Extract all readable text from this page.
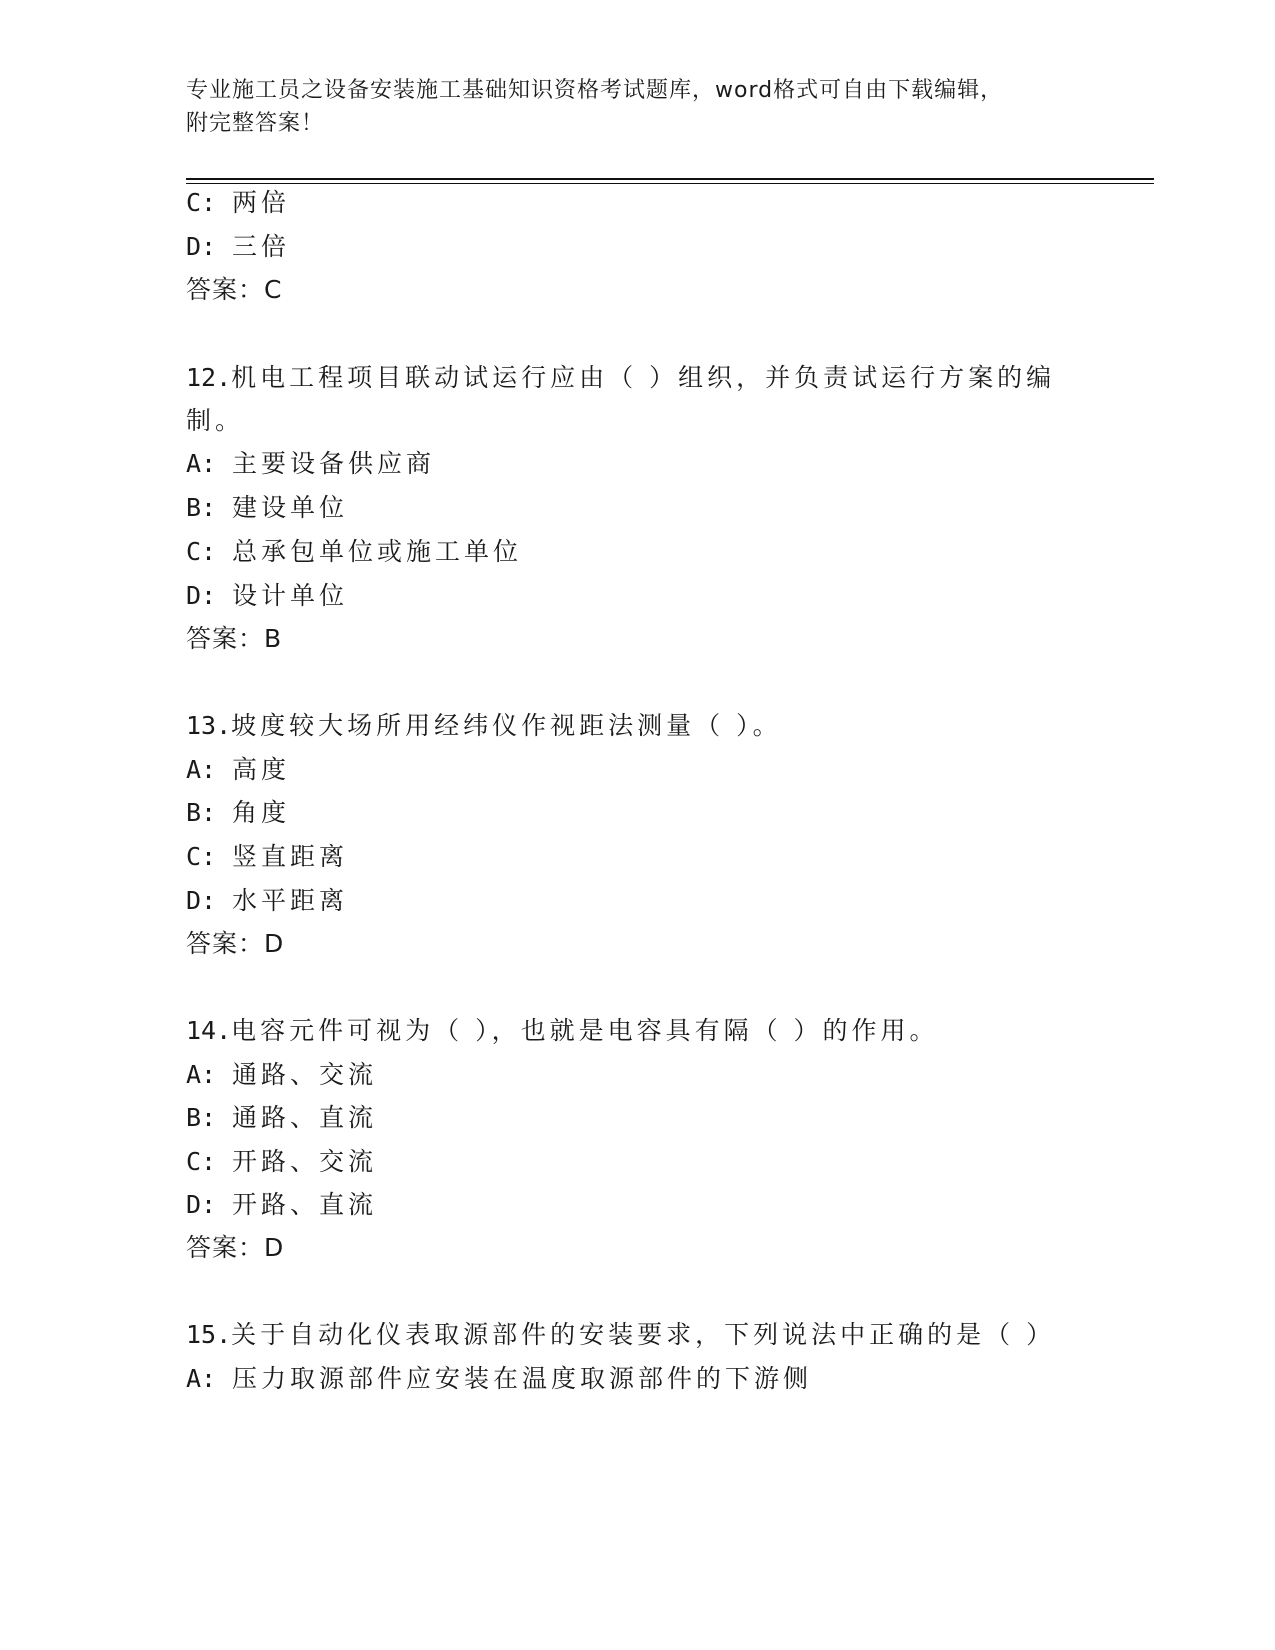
专业施工员之设备安装施工基础知识资格考试题库，word格式可自由下载编辑，
附完整答案！
C: 两倍
D: 三倍
答案：C
12.机电工程项目联动试运行应由（ ）组织，并负责试运行方案的编
制。
A: 主要设备供应商
B: 建设单位
C: 总承包单位或施工单位
D: 设计单位
答案：B
13.坡度较大场所用经纬仪作视距法测量（ ）。
A: 高度
B: 角度
C: 竖直距离
D: 水平距离
答案：D
14.电容元件可视为（ ），也就是电容具有隔（ ）的作用。
A: 通路、交流
B: 通路、直流
C: 开路、交流
D: 开路、直流
答案：D
15.关于自动化仪表取源部件的安装要求，下列说法中正确的是（ ）
A: 压力取源部件应安装在温度取源部件的下游侧
